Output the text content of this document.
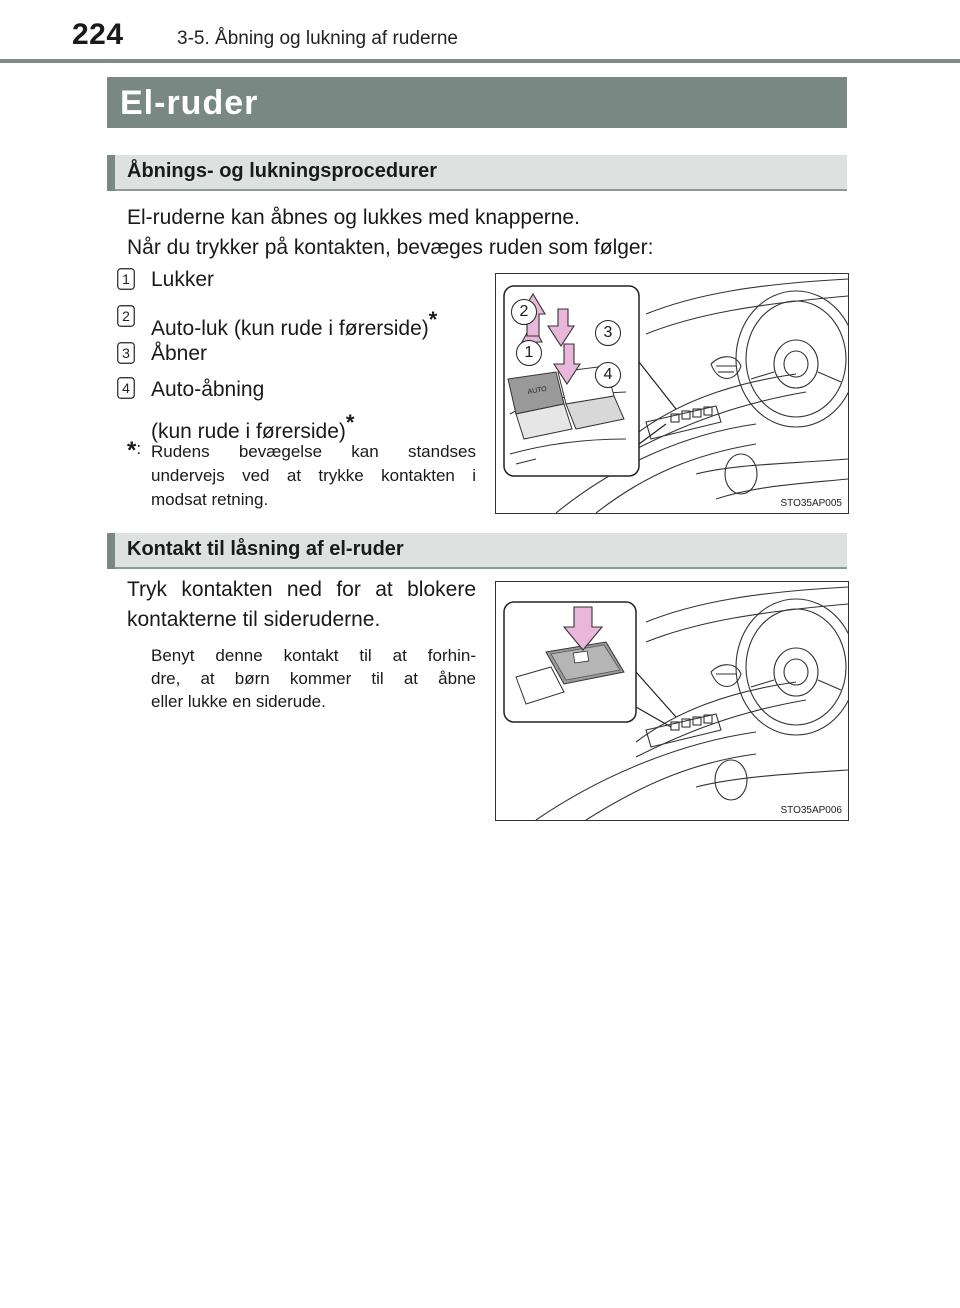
224	3-5. Åbning og lukning af ruderne
El-ruder
Åbnings- og lukningsprocedurer
El-ruderne kan åbnes og lukkes med knapperne.
Når du trykker på kontakten, bevæges ruden som følger:
1 Lukker
2
Auto-luk (kun rude i førerside)*
3 Åbner
4 Auto-åbning
(kun rude i førerside)*
*: Rudens bevægelse kan standses
undervejs ved at trykke kontakten i
modsat retning.
AUTO
2
3
1
4
STO35AP005
Kontakt til låsning af el-ruder
Tryk kontakten ned for at blokere
kontakterne til sideruderne.
Benyt denne kontakt til at forhin-
dre, at børn kommer til at åbne
eller lukke en siderude.
STO35AP006
